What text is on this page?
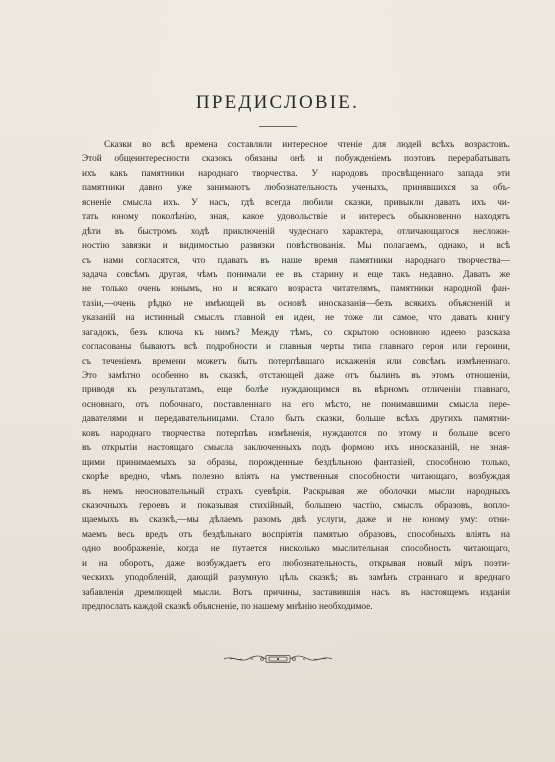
ПРЕДИСЛОВІЕ.
Сказки во всѣ времена составляли интересное чтеніе для людей всѣхъ возрастовъ.
Этой общеинтересности сказокъ обязаны онѣ и побужденіемъ поэтовъ перерабатывать
ихъ какъ памятники народнаго творчества. У народовъ просвѣщеннаго запада эти
памятники давно уже занимаютъ любознательность ученыхъ, принявшихся за объ-
ясненіе смысла ихъ. У насъ, гдѣ всегда любили сказки, привыкли давать ихъ чи-
тать юному поколѣнію, зная, какое удовольствіе и интересъ обыкновенно находятъ
дѣти въ быстромъ ходѣ приключеній чудеснаго характера, отличающагося несложн-
ностію завязки и видимостью развязки повѣствованія. Мы полагаемъ, однако, и всѣ
съ нами согласятся, что пдавать въ наше время памятники народнаго творчества—
задача совсѣмъ другая, чѣмъ понимали ее въ старину и еще такъ недавно. Давать же
не только очень юнымъ, но и всякаго возраста читателямъ, памятники народной фан-
тазіи,—очень рѣдко не имѣющей въ основѣ иносказанія—безъ всякихъ объясненій и
указаній на истинный смыслъ главной ея идеи, не тоже ли самое, что давать книгу
загадокъ, безъ ключа къ нимъ? Между тѣмъ, со скрытою основною идеею разсказа
согласованы бываютъ всѣ подробности и главныя черты типа главнаго героя или героини,
съ теченіемъ времени можетъ быть потерпѣвшаго искаженія или совсѣмъ измѣненнаго.
Это замѣтно особенно въ сказкѣ, отстающей даже отъ былинъ въ этомъ отношеніи,
приводя къ результатамъ, еще болѣе нуждающимся въ вѣрномъ отличеніи главнаго,
основнаго, отъ побочнаго, поставленнаго на его мѣсто, не понимавшими смысла пере-
давателями и передавательницами. Стало быть сказки, больше всѣхъ другихъ памятни-
ковъ народнаго творчества потерпѣвъ измѣненія, нуждаются по этому и больше всего
въ открытіи настоящаго смысла заключенныхъ подъ формою ихъ иносказаній, не зная-
щими принимаемыхъ за образы, порожденные бездѣльною фантазіей, способною только,
скорѣе вредно, чѣмъ полезно вліять на умственныя способности читающаго, возбуждая
въ немъ неосновательный страхъ суевѣрія. Раскрывая же оболочки мысли народныхъ
сказочныхъ героевъ и показывая стихійный, большею частію, смыслъ образовъ, вопло-
щаемыхъ въ сказкѣ,—мы дѣлаемъ разомъ двѣ услуги, даже и не юному уму: отни-
маемъ весь вредъ отъ бездѣльнаго воспріятія памятью образовъ, способныхъ вліять на
одно воображеніе, когда не путается нисколько мыслительная способность читающаго,
и на оборотъ, даже возбуждаетъ его любознательность, открывая новый міръ поэти-
ческихъ уподобленій, дающій разумную цѣль сказкѣ; въ замѣнъ страннаго и вреднаго
забавленія дремлющей мысли. Вотъ причины, заставившія насъ въ настоящемъ изданіи
предпослать каждой сказкѣ объясненіе, по нашему мнѣнію необходимое.
